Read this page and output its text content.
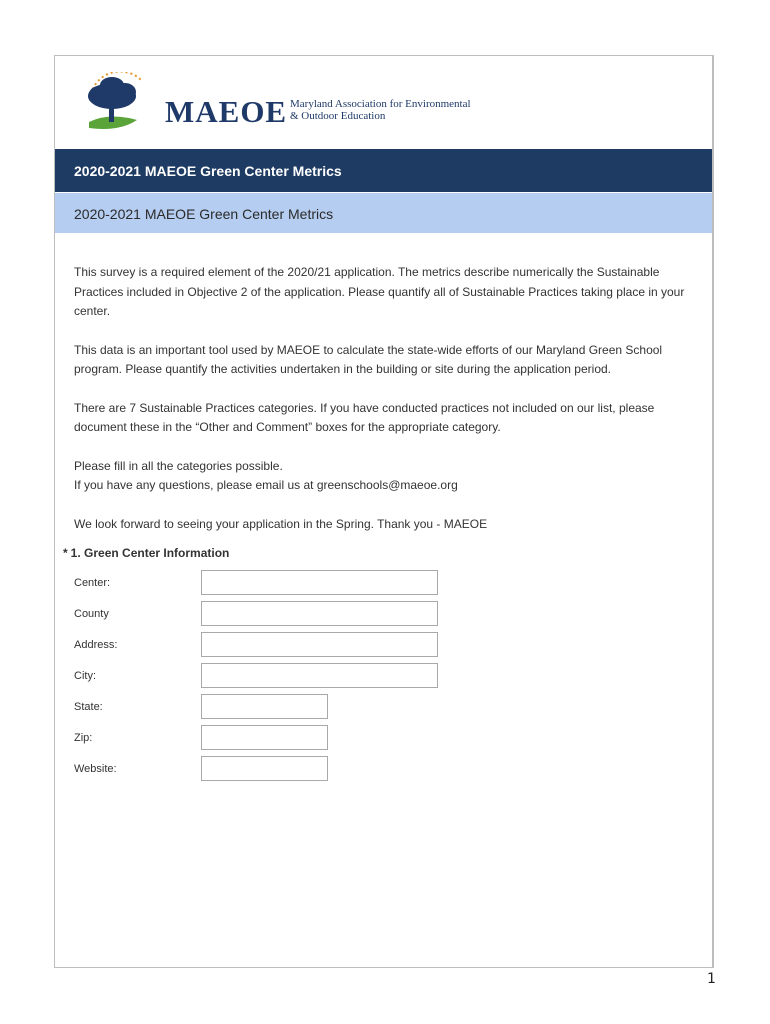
MAEOE Maryland Association for Environmental
& Outdoor Education
2020-2021 MAEOE Green Center Metrics
2020-2021 MAEOE Green Center Metrics

This survey is a required element of the 2020/21 application. The metrics describe numerically the Sustainable Practices included in Objective 2 of the application. Please quantify all of Sustainable Practices taking place in your center.

This data is an important tool used by MAEOE to calculate the state-wide efforts of our Maryland Green School program. Please quantify the activities undertaken in the building or site during the application period.

There are 7 Sustainable Practices categories. If you have conducted practices not included on our list, please document these in the “Other and Comment” boxes for the appropriate category.

Please fill in all the categories possible.
If you have any questions, please email us at greenschools@maeoe.org

We look forward to seeing your application in the Spring. Thank you - MAEOE

* 1. Green Center Information
Center:
County
Address:
City:
State:
Zip:
Website:
1
